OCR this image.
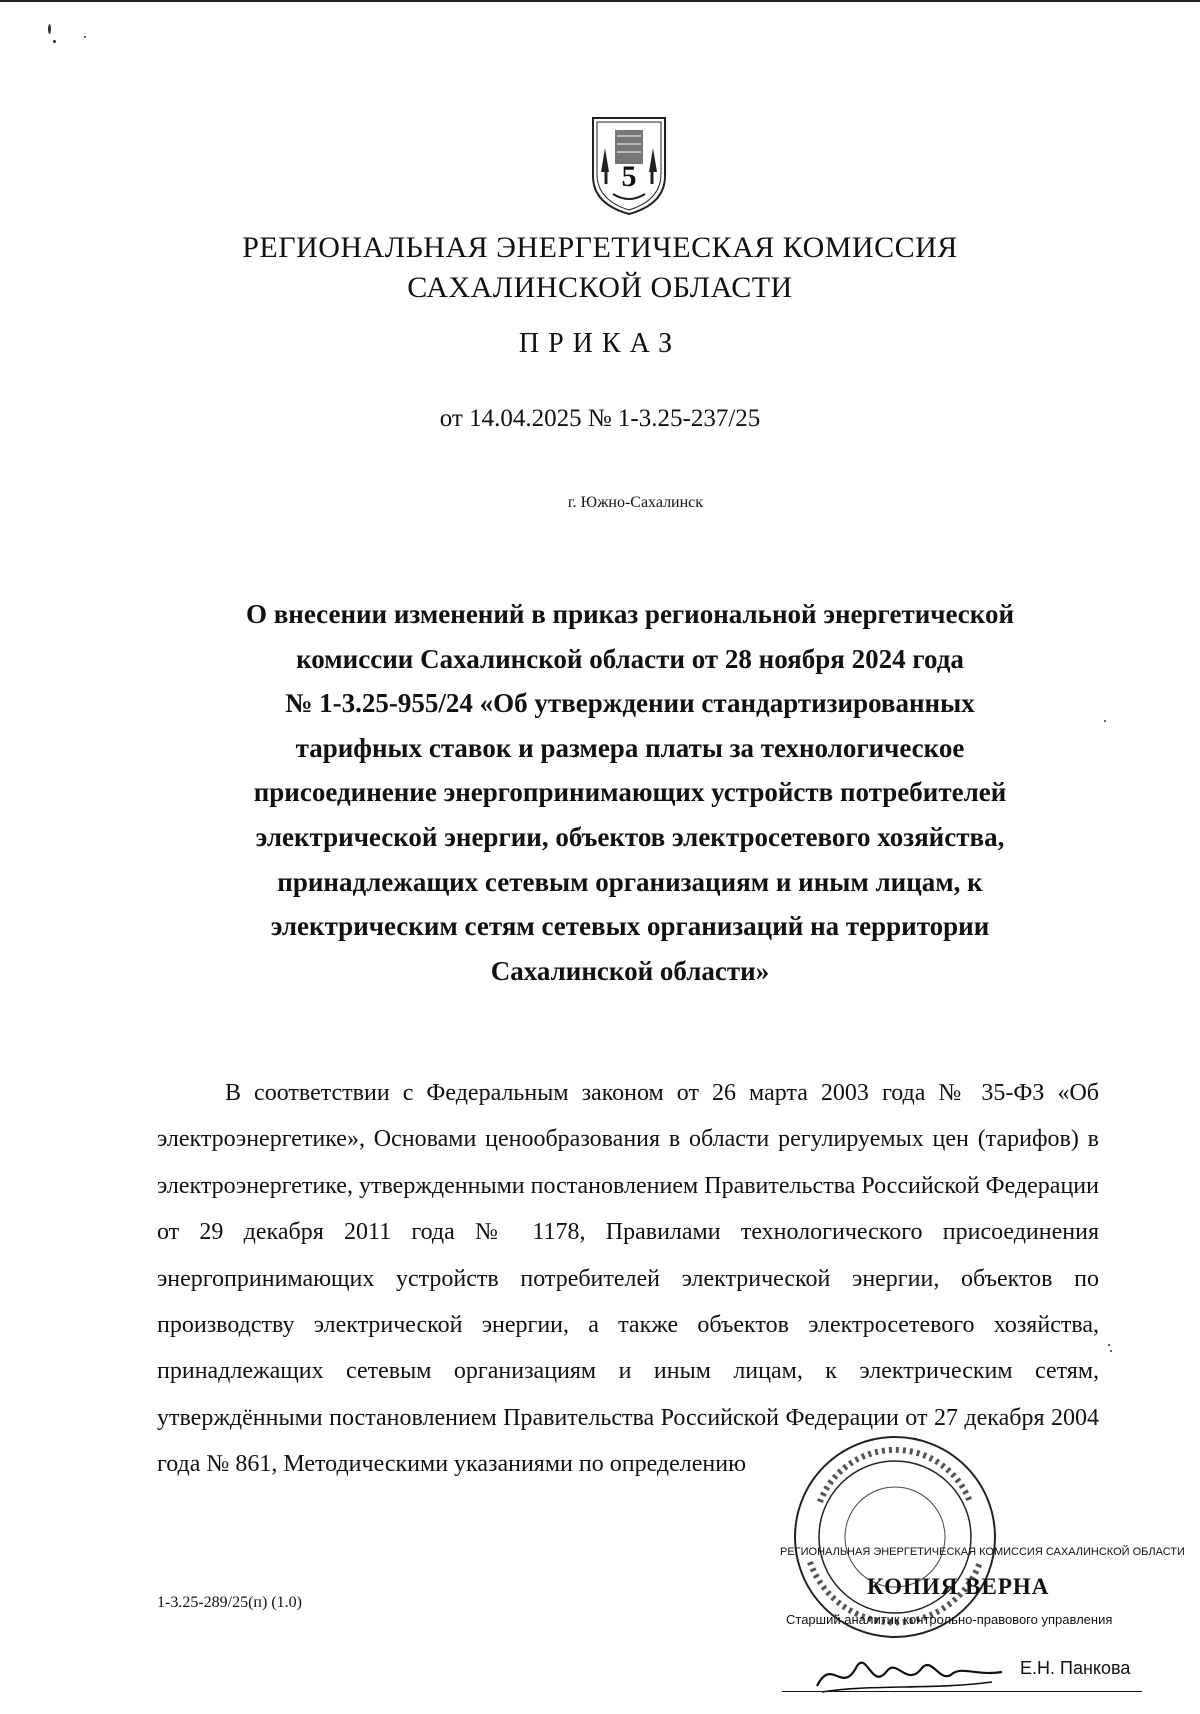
5
РЕГИОНАЛЬНАЯ ЭНЕРГЕТИЧЕСКАЯ КОМИССИЯ
САХАЛИНСКОЙ ОБЛАСТИ
ПРИКАЗ
от 14.04.2025 № 1-3.25-237/25
г. Южно-Сахалинск
О внесении изменений в приказ региональной энергетической
комиссии Сахалинской области от 28 ноября 2024 года
№ 1-3.25-955/24 «Об утверждении стандартизированных
тарифных ставок и размера платы за технологическое
присоединение энергопринимающих устройств потребителей
электрической энергии, объектов электросетевого хозяйства,
принадлежащих сетевым организациям и иным лицам, к
электрическим сетям сетевых организаций на территории
Сахалинской области»

В соответствии с Федеральным законом от 26 марта 2003 года № 35-ФЗ «Об электроэнергетике», Основами ценообразования в области регулируемых цен (тарифов) в электроэнергетике, утвержденными постановлением Правительства Российской Федерации от 29 декабря 2011 года № 1178, Правилами технологического присоединения энергопринимающих устройств потребителей электрической энергии, объектов по производству электрической энергии, а также объектов электросетевого хозяйства, принадлежащих сетевым организациям и иным лицам, к электрическим сетям, утверждёнными постановлением Правительства Российской Федерации от 27 декабря 2004 года № 861, Методическими указаниями по определению

1-3.25-289/25(п) (1.0)
РЕГИОНАЛЬНАЯ ЭНЕРГЕТИЧЕСКАЯ КОМИССИЯ САХАЛИНСКОЙ ОБЛАСТИ
КОПИЯ ВЕРНА
Старший аналитик контрольно-правового управления
Е.Н. Панкова
